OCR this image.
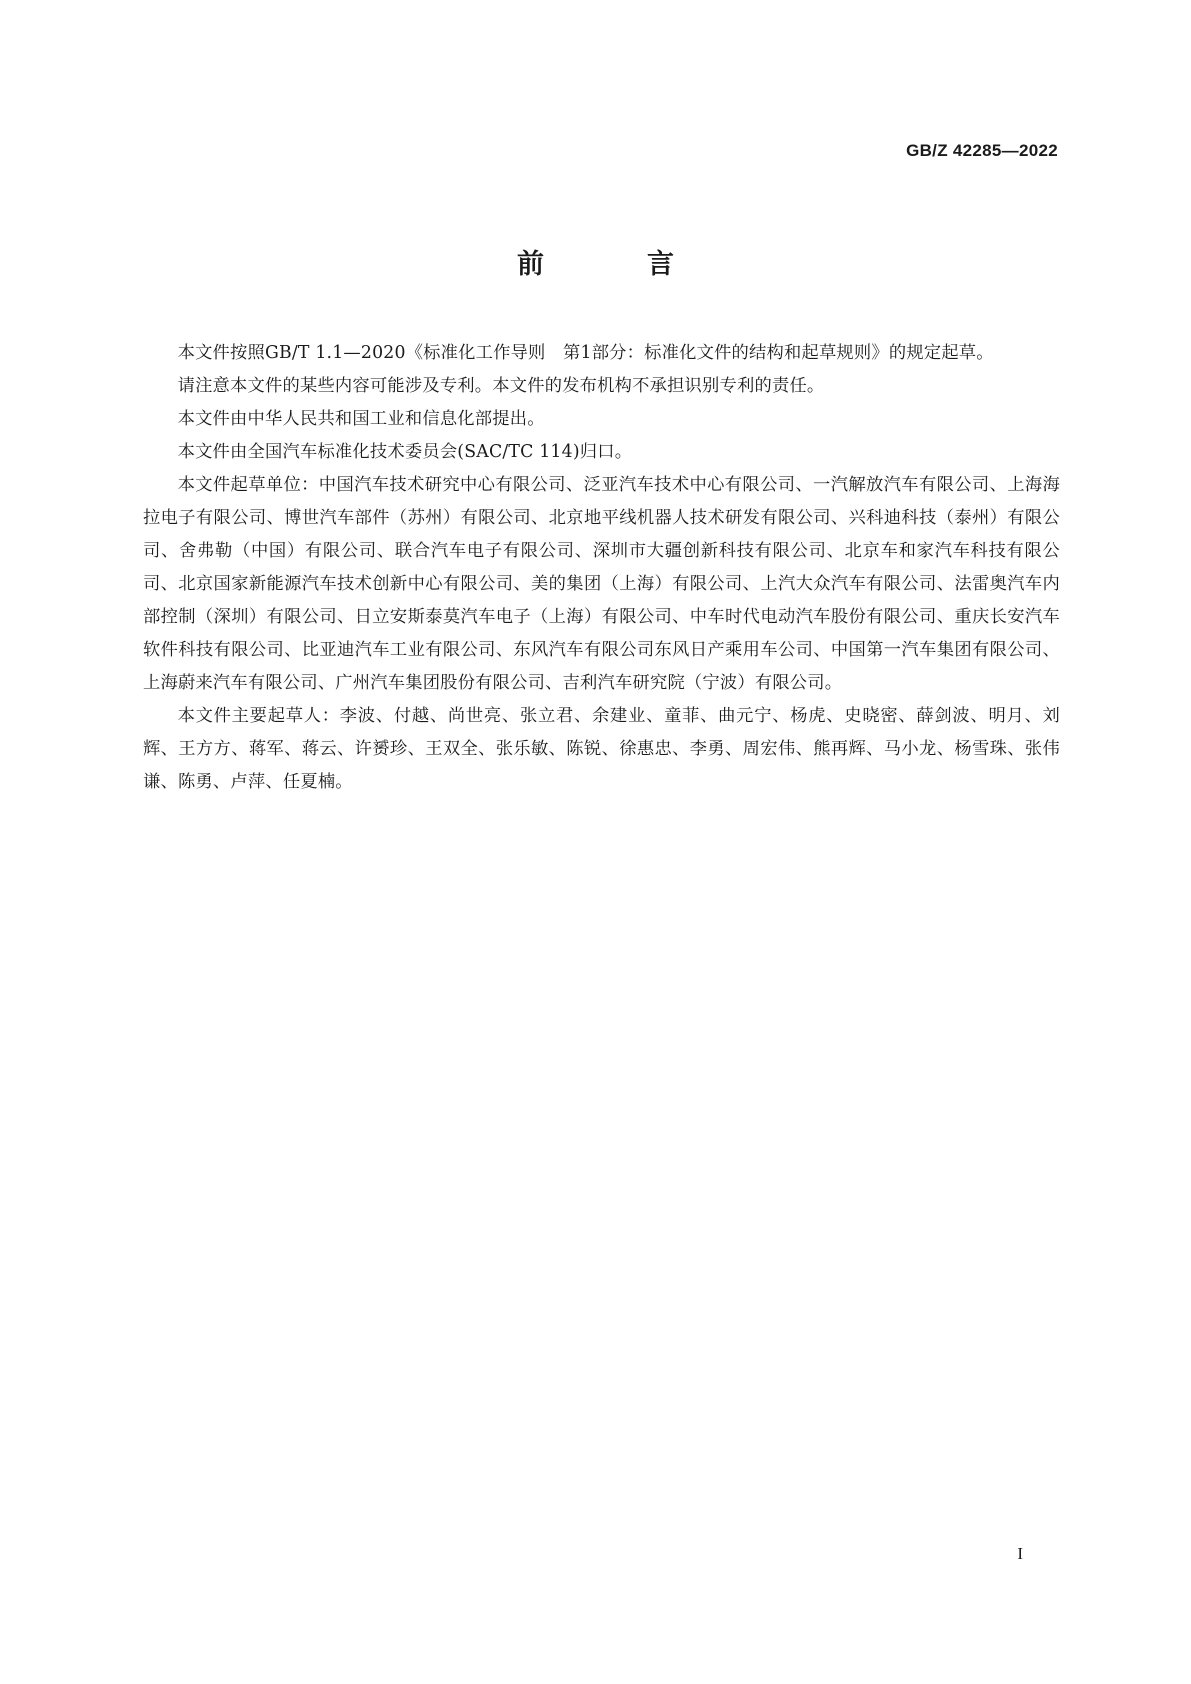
GB/Z 42285—2022

前　言

本文件按照GB/T 1.1—2020《标准化工作导则　第1部分：标准化文件的结构和起草规则》的规定起草。

请注意本文件的某些内容可能涉及专利。本文件的发布机构不承担识别专利的责任。

本文件由中华人民共和国工业和信息化部提出。

本文件由全国汽车标准化技术委员会(SAC/TC 114)归口。

本文件起草单位：中国汽车技术研究中心有限公司、泛亚汽车技术中心有限公司、一汽解放汽车有限公司、上海海拉电子有限公司、博世汽车部件（苏州）有限公司、北京地平线机器人技术研发有限公司、兴科迪科技（泰州）有限公司、舍弗勒（中国）有限公司、联合汽车电子有限公司、深圳市大疆创新科技有限公司、北京车和家汽车科技有限公司、北京国家新能源汽车技术创新中心有限公司、美的集团（上海）有限公司、上汽大众汽车有限公司、法雷奥汽车内部控制（深圳）有限公司、日立安斯泰莫汽车电子（上海）有限公司、中车时代电动汽车股份有限公司、重庆长安汽车软件科技有限公司、比亚迪汽车工业有限公司、东风汽车有限公司东风日产乘用车公司、中国第一汽车集团有限公司、上海蔚来汽车有限公司、广州汽车集团股份有限公司、吉利汽车研究院（宁波）有限公司。

本文件主要起草人：李波、付越、尚世亮、张立君、余建业、童菲、曲元宁、杨虎、史晓密、薛剑波、明月、刘辉、王方方、蒋军、蒋云、许赟珍、王双全、张乐敏、陈锐、徐惠忠、李勇、周宏伟、熊再辉、马小龙、杨雪珠、张伟谦、陈勇、卢萍、任夏楠。

I
